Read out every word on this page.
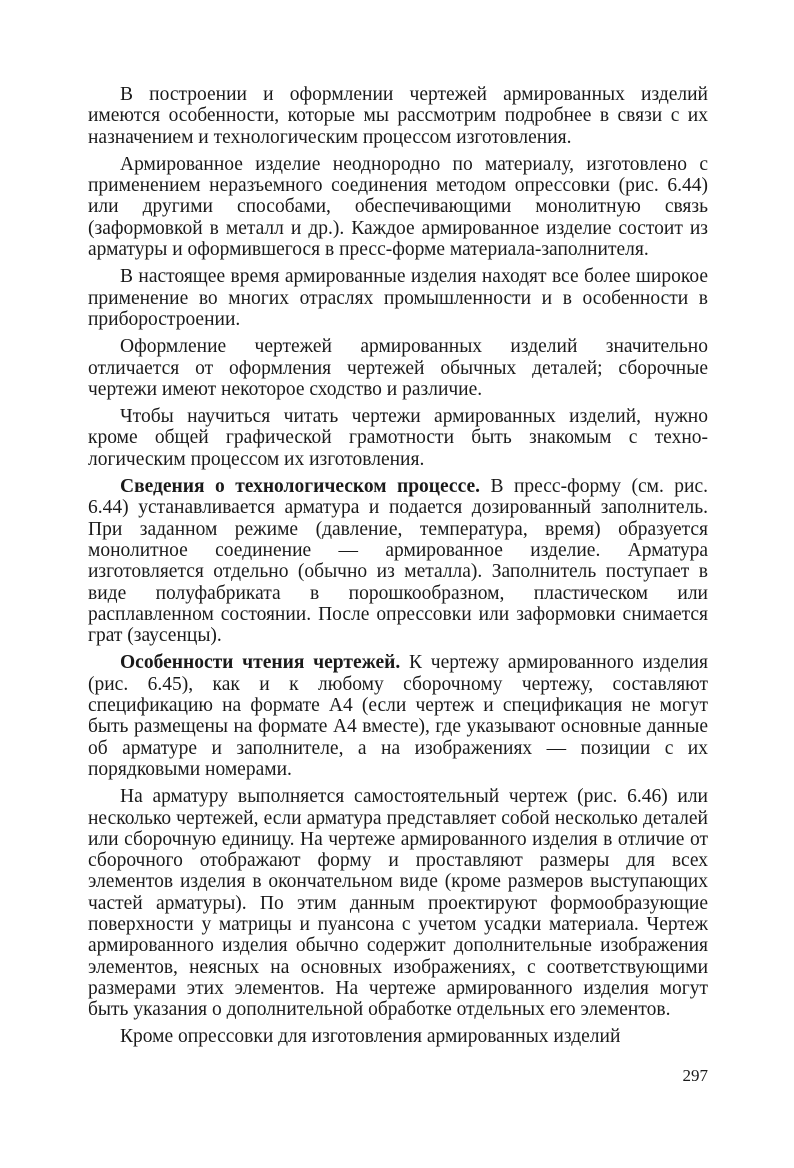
В построении и оформлении чертежей армированных изделий имеются особенности, которые мы рассмотрим подробнее в связи с их назначением и технологическим процессом изготовления.

Армированное изделие неоднородно по материалу, изготовлено с применением неразъемного соединения методом опрессовки (рис. 6.44) или другими способами, обеспечивающими монолитную связь (заформовкой в металл и др.). Каждое армированное изделие состоит из арматуры и оформившегося в пресс-форме материала-заполнителя.

В настоящее время армированные изделия находят все более широкое применение во многих отраслях промышленности и в особенности в приборостроении.

Оформление чертежей армированных изделий значительно отличается от оформления чертежей обычных деталей; сборочные чертежи имеют некоторое сходство и различие.

Чтобы научиться читать чертежи армированных изделий, нужно кроме общей графической грамотности быть знакомым с технологическим процессом их изготовления.

Сведения о технологическом процессе. В пресс-форму (см. рис. 6.44) устанавливается арматура и подается дозированный заполнитель. При заданном режиме (давление, температура, время) образуется монолитное соединение — армированное изделие. Арматура изготовляется отдельно (обычно из металла). Заполнитель поступает в виде полуфабриката в порошкообразном, пластическом или расплавленном состоянии. После опрессовки или заформовки снимается грат (заусенцы).

Особенности чтения чертежей. К чертежу армированного изделия (рис. 6.45), как и к любому сборочному чертежу, составляют спецификацию на формате А4 (если чертеж и спецификация не могут быть размещены на формате А4 вместе), где указывают основные данные об арматуре и заполнителе, а на изображениях — позиции с их порядковыми номерами.

На арматуру выполняется самостоятельный чертеж (рис. 6.46) или несколько чертежей, если арматура представляет собой несколько деталей или сборочную единицу. На чертеже армированного изделия в отличие от сборочного отображают форму и проставляют размеры для всех элементов изделия в окончательном виде (кроме размеров выступающих частей арматуры). По этим данным проектируют формообразующие поверхности у матрицы и пуансона с учетом усадки материала. Чертеж армированного изделия обычно содержит дополнительные изображения элементов, неясных на основных изображениях, с соответствующими размерами этих элементов. На чертеже армированного изделия могут быть указания о дополнительной обработке отдельных его элементов.

Кроме опрессовки для изготовления армированных изделий

297
